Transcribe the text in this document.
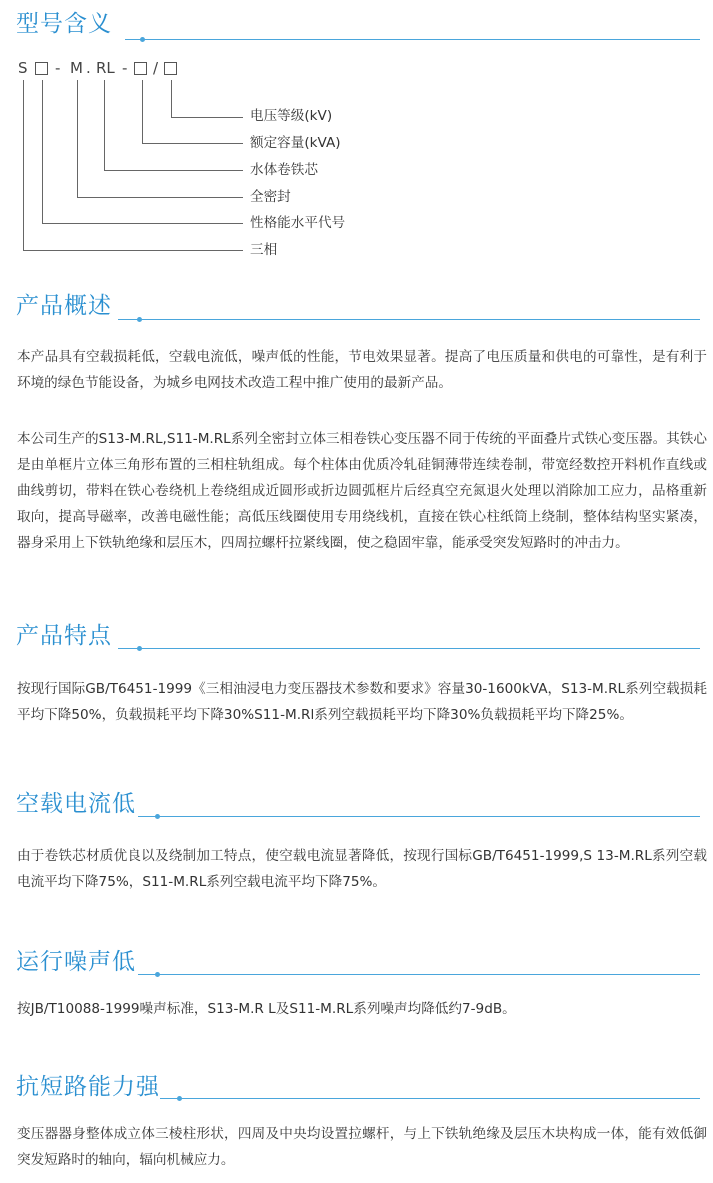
型号含义
S - M . RL - /
电压等级(kV)
额定容量(kVA)
水体卷铁芯
全密封
性格能水平代号
三相
产品概述

本产品具有空载损耗低，空载电流低，噪声低的性能，节电效果显著。提高了电压质量和供电的可靠性，是有利于环境的绿色节能设备，为城乡电网技术改造工程中推广使用的最新产品。

本公司生产的S13-M.RL,S11-M.RL系列全密封立体三相卷铁心变压器不同于传统的平面叠片式铁心变压器。其铁心是由单框片立体三角形布置的三相柱轨组成。每个柱体由优质冷轧硅铜薄带连续卷制，带宽经数控开料机作直线或曲线剪切，带料在铁心卷绕机上卷绕组成近圆形或折边圆弧框片后经真空充氮退火处理以消除加工应力，品格重新取向，提高导磁率，改善电磁性能；高低压线圈使用专用绕线机，直接在铁心柱纸筒上绕制，整体结构坚实紧凑，器身采用上下铁轨绝缘和层压木，四周拉螺杆拉紧线圈，使之稳固牢靠，能承受突发短路时的冲击力。

产品特点

按现行国际GB/T6451-1999《三相油浸电力变压器技术参数和要求》容量30-1600kVA，S13-M.RL系列空载损耗平均下降50%，负载损耗平均下降30%S11-M.Rl系列空载损耗平均下降30%负载损耗平均下降25%。

空载电流低

由于卷铁芯材质优良以及绕制加工特点，使空载电流显著降低，按现行国标GB/T6451-1999,S 13-M.RL系列空载电流平均下降75%，S11-M.RL系列空载电流平均下降75%。

运行噪声低

按JB/T10088-1999噪声标准，S13-M.R L及S11-M.RL系列噪声均降低约7-9dB。

抗短路能力强

变压器器身整体成立体三棱柱形状，四周及中央均设置拉螺杆，与上下铁轨绝缘及层压木块构成一体，能有效低御突发短路时的轴向，辐向机械应力。
